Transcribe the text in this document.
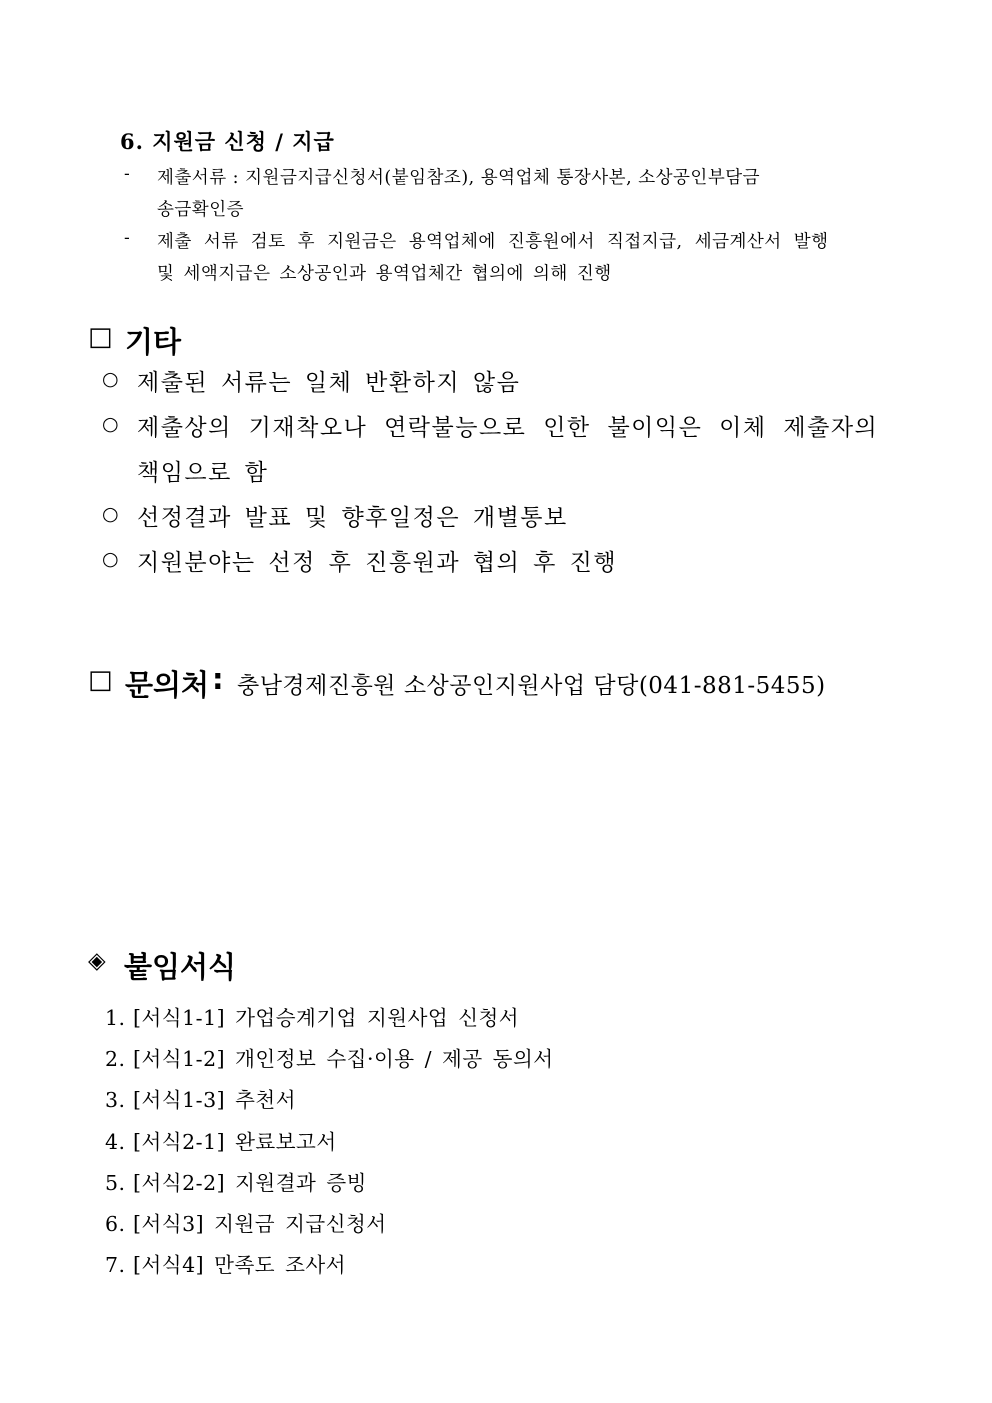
6. 지원금 신청 / 지급
- 제출서류 : 지원금지급신청서(붙임참조), 용역업체 통장사본, 소상공인부담금
송금확인증
- 제출 서류 검토 후 지원금은 용역업체에 진흥원에서 직접지급, 세금계산서 발행
및 세액지급은 소상공인과 용역업체간 협의에 의해 진행
□ 기타
○ 제출된 서류는 일체 반환하지 않음
○ 제출상의 기재착오나 연락불능으로 인한 불이익은 이체 제출자의
책임으로 함
○ 선정결과 발표 및 향후일정은 개별통보
○ 지원분야는 선정 후 진흥원과 협의 후 진행
□ 문의처 : 충남경제진흥원 소상공인지원사업 담당(041-881-5455)
◈ 붙임서식
1. [서식1-1] 가업승계기업 지원사업 신청서
2. [서식1-2] 개인정보 수집·이용 / 제공 동의서
3. [서식1-3] 추천서
4. [서식2-1] 완료보고서
5. [서식2-2] 지원결과 증빙
6. [서식3] 지원금 지급신청서
7. [서식4] 만족도 조사서
